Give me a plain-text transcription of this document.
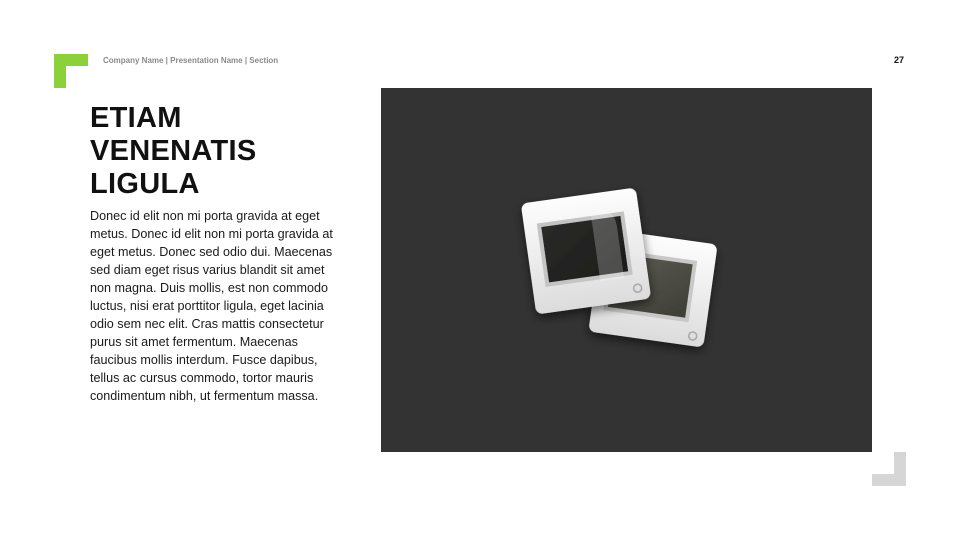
Company Name | Presentation Name | Section	27
ETIAM
VENENATIS
LIGULA

Donec id elit non mi porta gravida at eget metus. Donec id elit non mi porta gravida at eget metus. Donec sed odio dui. Maecenas sed diam eget risus varius blandit sit amet non magna. Duis mollis, est non commodo luctus, nisi erat porttitor ligula, eget lacinia odio sem nec elit. Cras mattis consectetur purus sit amet fermentum. Maecenas faucibus mollis interdum. Fusce dapibus, tellus ac cursus commodo, tortor mauris condimentum nibh, ut fermentum massa.
